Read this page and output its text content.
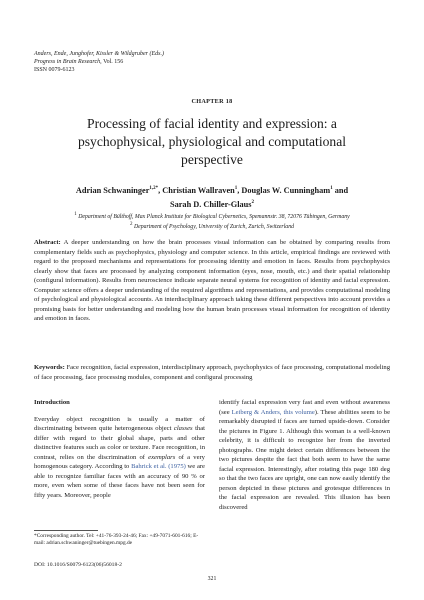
Anders, Ende, Junghofer, Kissler & Wildgruber (Eds.)
Progress in Brain Research, Vol. 156
ISSN 0079-6123
CHAPTER 18
Processing of facial identity and expression: a psychophysical, physiological and computational perspective
Adrian Schwaninger$^{1,2*}$, Christian Wallraven$^1$, Douglas W. Cunningham$^1$ and
Sarah D. Chiller-Glaus$^2$
$^1$ Department of Bülthoff, Max Planck Institute for Biological Cybernetics, Spemannstr. 38, 72076 Tübingen, Germany
$^2$ Department of Psychology, University of Zurich, Zurich, Switzerland
Abstract: A deeper understanding on how the brain processes visual information can be obtained by comparing results from complementary fields such as psychophysics, physiology and computer science. In this article, empirical findings are reviewed with regard to the proposed mechanisms and representations for processing identity and emotion in faces. Results from psychophysics clearly show that faces are processed by analyzing component information (eyes, nose, mouth, etc.) and their spatial relationship (configural information). Results from neuroscience indicate separate neural systems for recognition of identity and facial expression. Computer science offers a deeper understanding of the required algorithms and representations, and provides computational modeling of psychological and physiological accounts. An interdisciplinary approach taking these different perspectives into account provides a promising basis for better understanding and modeling how the human brain processes visual information for recognition of identity and emotion in faces.
Keywords: Face recognition, facial expression, interdisciplinary approach, psychophysics of face processing, computational modeling of face processing, face processing modules, component and configural processing
Introduction

Everyday object recognition is usually a matter of discriminating between quite heterogeneous object classes that differ with regard to their global shape, parts and other distinctive features such as color or texture. Face recognition, in contrast, relies on the discrimination of exemplars of a very homogenous category. According to Bahrick et al. (1975) we are able to recognize familiar faces with an accuracy of 90 % or more, even when some of these faces have not been seen for fifty years. Moreover, people

identify facial expression very fast and even without awareness (see Leiberg & Anders, this volume). These abilities seem to be remarkably disrupted if faces are turned upside-down. Consider the pictures in Figure 1. Although this woman is a well-known celebrity, it is difficult to recognize her from the inverted photographs. One might detect certain differences between the two pictures despite the fact that both seem to have the same facial expression. Interestingly, after rotating this page 180 deg so that the two faces are upright, one can now easily identify the person depicted in these pictures and grotesque differences in the facial expression are revealed. This illusion has been discovered

*Corresponding author. Tel: +41-76-393-24-46; Fax: +49-7071-601-616; E-mail: adrian.schwaninger@tuebingen.mpg.de
DOI: 10.1016/S0079-6123(06)56018-2
321
